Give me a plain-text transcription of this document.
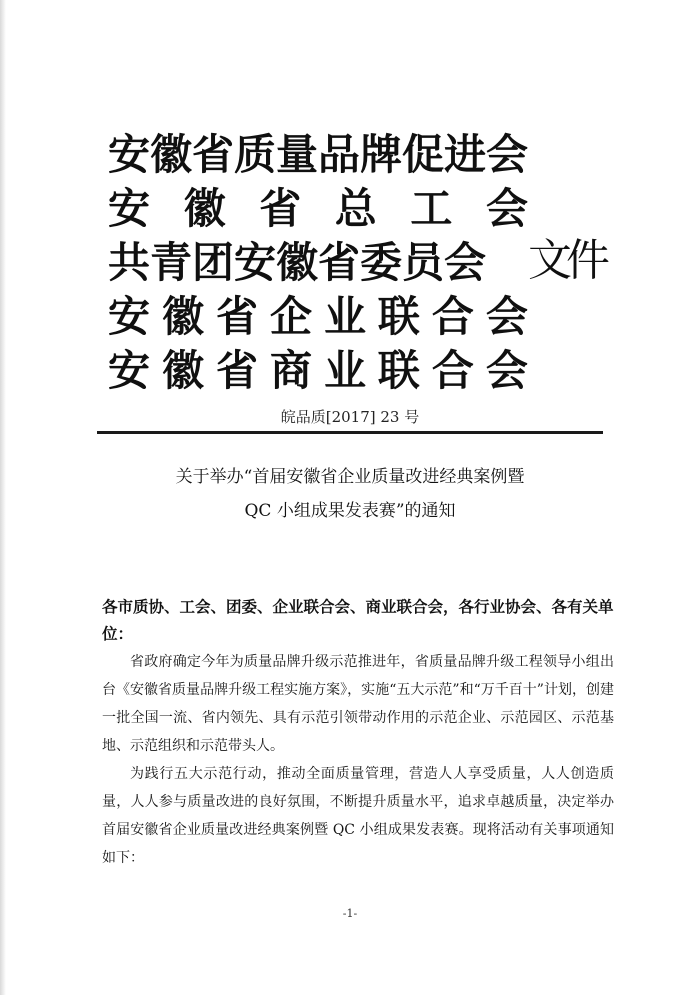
安徽省质量品牌促进会
安 徽 省 总 工 会
共青团安徽省委员会
安 徽 省 企 业 联 合 会
安 徽 省 商 业 联 合 会
文件
皖品质[2017] 23 号
关于举办“首届安徽省企业质量改进经典案例暨
QC 小组成果发表赛”的通知
各市质协、工会、团委、企业联合会、商业联合会，各行业协会、各有关单位：
省政府确定今年为质量品牌升级示范推进年，省质量品牌升级工程领导小组出台《安徽省质量品牌升级工程实施方案》，实施“五大示范”和“万千百十”计划，创建一批全国一流、省内领先、具有示范引领带动作用的示范企业、示范园区、示范基地、示范组织和示范带头人。
为践行五大示范行动，推动全面质量管理，营造人人享受质量，人人创造质量，人人参与质量改进的良好氛围，不断提升质量水平，追求卓越质量，决定举办首届安徽省企业质量改进经典案例暨 QC 小组成果发表赛。现将活动有关事项通知如下：
-1-
